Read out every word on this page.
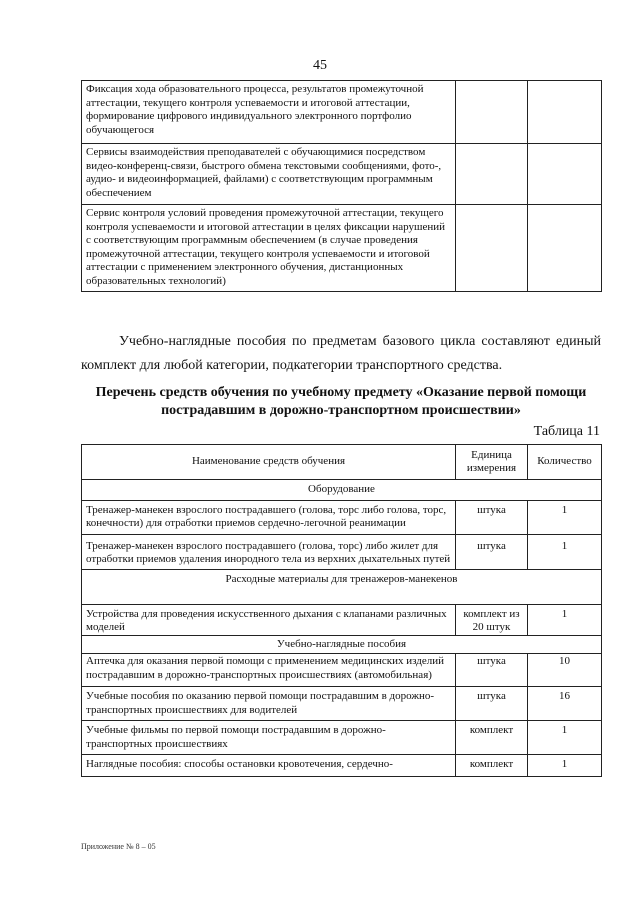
45
Фиксация хода образовательного процесса, результатов промежуточной аттестации, текущего контроля успеваемости и итоговой аттестации, формирование цифрового индивидуального электронного портфолио обучающегося		
Сервисы взаимодействия преподавателей с обучающимися посредством видео-конференц-связи, быстрого обмена текстовыми сообщениями, фото-, аудио- и видеоинформацией, файлами) с соответствующим программным обеспечением		
Сервис контроля условий проведения промежуточной аттестации, текущего контроля успеваемости и итоговой аттестации в целях фиксации нарушений с соответствующим программным обеспечением (в случае проведения промежуточной аттестации, текущего контроля успеваемости и итоговой аттестации с применением электронного обучения, дистанционных образовательных технологий)		
Учебно-наглядные пособия по предметам базового цикла составляют единый
комплект для любой категории, подкатегории транспортного средства.
Перечень средств обучения по учебному предмету «Оказание первой помощи
пострадавшим в дорожно-транспортном происшествии»
Таблица 11
Наименование средств обучения	Единица измерения	Количество
Оборудование		
Тренажер-манекен взрослого пострадавшего (голова, торс либо голова, торс, конечности) для отработки приемов сердечно-легочной реанимации	штука	1
Тренажер-манекен взрослого пострадавшего (голова, торс) либо жилет для отработки приемов удаления инородного тела из верхних дыхательных путей	штука	1
Расходные материалы для тренажеров-манекенов		
Устройства для проведения искусственного дыхания с клапанами различных моделей	комплект из 20 штук	1
Учебно-наглядные пособия		
Аптечка для оказания первой помощи с применением медицинских изделий пострадавшим в дорожно-транспортных происшествиях (автомобильная)	штука	10
Учебные пособия по оказанию первой помощи пострадавшим в дорожно-транспортных происшествиях для водителей	штука	16
Учебные фильмы по первой помощи пострадавшим в дорожно-транспортных происшествиях	комплект	1
Наглядные пособия: способы остановки кровотечения, сердечно-	комплект	1
Приложение № 8 – 05
